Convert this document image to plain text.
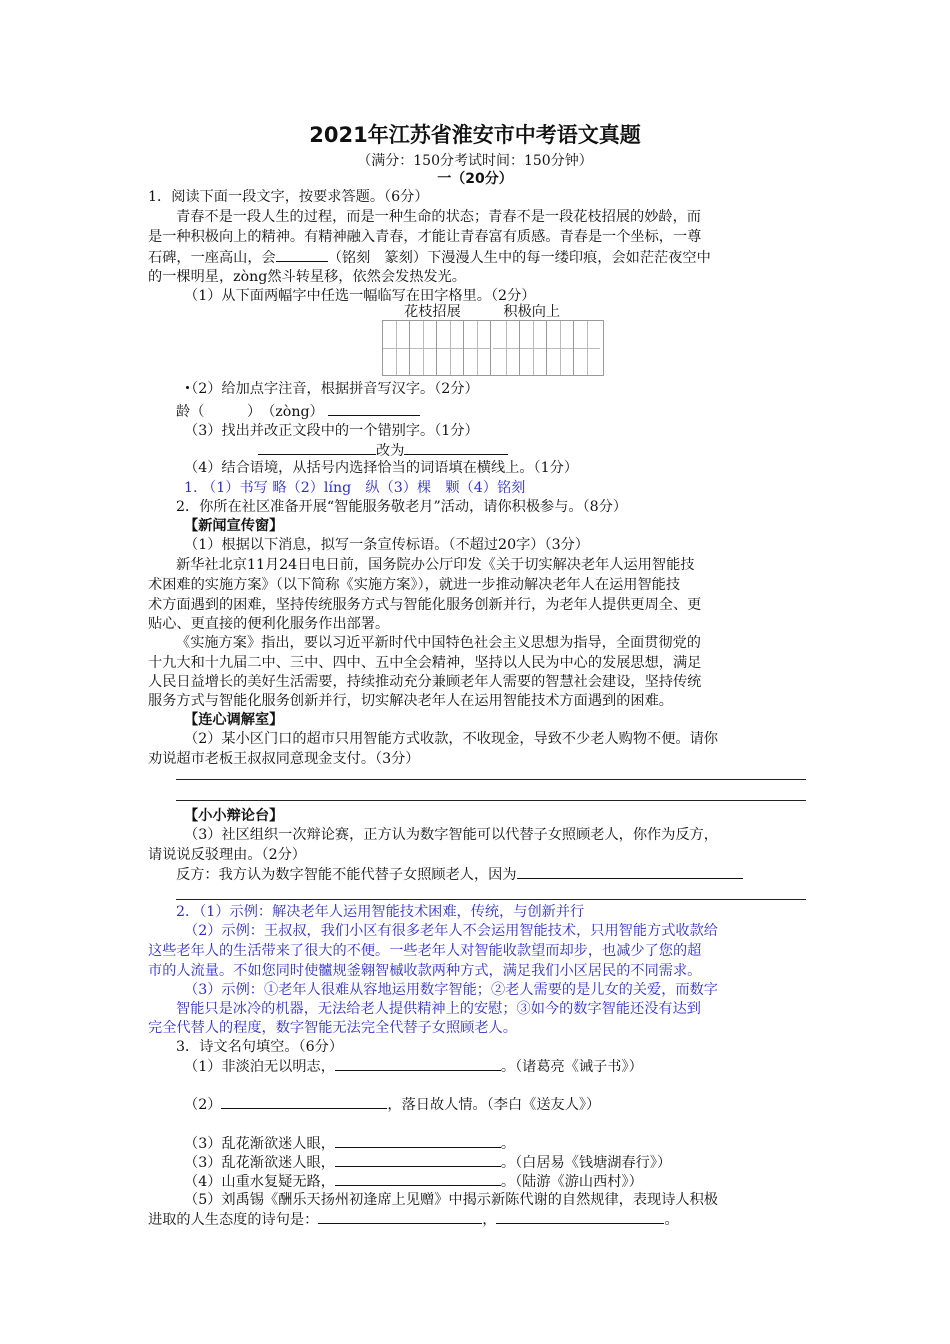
2021年江苏省淮安市中考语文真题
（满分：150分考试时间：150分钟）
一（20分）
1．阅读下面一段文字，按要求答题。（6分）
青春不是一段人生的过程，而是一种生命的状态；青春不是一段花枝招展的妙龄，而
是一种积极向上的精神。有精神融入青春，才能让青春富有质感。青春是一个坐标，一尊
石碑，一座高山，会	（铭刻　篆刻）下漫漫人生中的每一缕印痕，会如茫茫夜空中
的一棵明星，zòng然斗转星移，依然会发热发光。
（1）从下面两幅字中任选一幅临写在田字格里。（2分）
花枝招展　　　积极向上
（2）给加点字注音，根据拼音写汉字。（2分）
龄（　　　）　（zòng）
（3）找出并改正文段中的一个错别字。（1分）
改为
（4）结合语境，从括号内选择恰当的词语填在横线上。（1分）
1. （1）书写 略（2）líng　纵（3）棵　颗（4）铭刻
2．你所在社区准备开展“智能服务敬老月”活动，请你积极参与。（8分）
【新闻宣传窗】
（1）根据以下消息，拟写一条宣传标语。（不超过20字）（3分）
新华社北京11月24日电日前，国务院办公厅印发《关于切实解决老年人运用智能技
术困难的实施方案》（以下简称《实施方案》），就进一步推动解决老年人在运用智能技
术方面遇到的困难，坚持传统服务方式与智能化服务创新并行，为老年人提供更周全、更
贴心、更直接的便利化服务作出部署。
《实施方案》指出，要以习近平新时代中国特色社会主义思想为指导，全面贯彻党的
十九大和十九届二中、三中、四中、五中全会精神，坚持以人民为中心的发展思想，满足
人民日益增长的美好生活需要，持续推动充分兼顾老年人需要的智慧社会建设，坚持传统
服务方式与智能化服务创新并行，切实解决老年人在运用智能技术方面遇到的困难。
【连心调解室】
（2）某小区门口的超市只用智能方式收款，不收现金，导致不少老人购物不便。请你
劝说超市老板王叔叔同意现金支付。（3分）
【小小辩论台】
（3）社区组织一次辩论赛，正方认为数字智能可以代替子女照顾老人，你作为反方，
请说说反驳理由。（2分）
反方：我方认为数字智能不能代替子女照顾老人，因为
2．（1）示例：解决老年人运用智能技术困难，传统，与创新并行
（2）示例：王叔叔，我们小区有很多老年人不会运用智能技术，只用智能方式收款给
这些老年人的生活带来了很大的不便。一些老年人对智能收款望而却步，也减少了您的超
市的人流量。不如您同时使髗规釜翱智槭收款两种方式，满足我们小区居民的不同需求。
（3）示例：①老年人很难从容地运用数字智能；②老人需要的是儿女的关爱，而数字
智能只是冰冷的机器，无法给老人提供精神上的安慰；③如今的数字智能还没有达到
完全代替人的程度，数字智能无法完全代替子女照顾老人。
3．诗文名句填空。（6分）
（1）非淡泊无以明志，	。（诸葛亮《诫子书》）
（2）	，落日故人情。（李白《送友人》）
（3）乱花渐欲迷人眼，	。
（3）乱花渐欲迷人眼，	。（白居易《钱塘湖春行》）
（4）山重水复疑无路，	。（陆游《游山西村》）
（5）刘禹锡《酬乐天扬州初逢席上见赠》中揭示新陈代谢的自然规律，表现诗人积极
进取的人生态度的诗句是：	，	。
